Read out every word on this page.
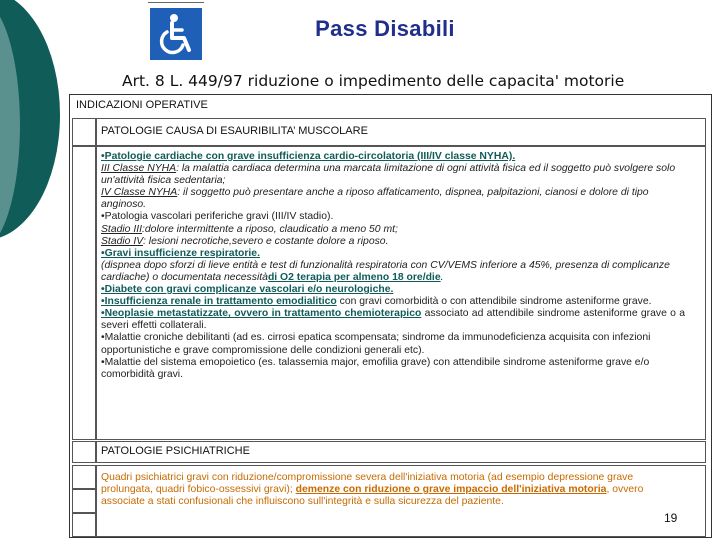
Pass Disabili
Art. 8 L. 449/97 riduzione o impedimento delle capacita' motorie
INDICAZIONI OPERATIVE
PATOLOGIE CAUSA DI ESAURIBILITA’ MUSCOLARE

•Patologie cardiache con grave insufficienza cardio-circolatoria (III/IV classe NYHA).

III Classe NYHA: la malattia cardiaca determina una marcata limitazione di ogni attività fisica ed il soggetto può svolgere solo un'attività fisica sedentaria;

IV Classe NYHA: il soggetto può presentare anche a riposo affaticamento, dispnea, palpitazioni, cianosi e dolore di tipo anginoso.

•Patologia vascolari periferiche gravi (III/IV stadio).

Stadio III:dolore intermittente a riposo, claudicatio a meno 50 mt;

Stadio IV: lesioni necrotiche,severo e costante dolore a riposo.

•Gravi insufficienze respiratorie.

(dispnea dopo sforzi di lieve entità e test di funzionalità respiratoria con CV/VEMS inferiore a 45%, presenza di complicanze cardiache) o documentata necessitàdi O2 terapia per almeno 18 ore/die.

•Diabete con gravi complicanze vascolari e/o neurologiche.

•Insufficienza renale in trattamento emodialitico con gravi comorbidità o con attendibile sindrome asteniforme grave.

•Neoplasie metastatizzate, ovvero in trattamento chemioterapico associato ad attendibile sindrome asteniforme grave o a severi effetti collaterali.

•Malattie croniche debilitanti (ad es. cirrosi epatica scompensata; sindrome da immunodeficienza acquisita con infezioni opportunistiche e grave compromissione delle condizioni generali etc).

•Malattie del sistema emopoietico (es. talassemia major, emofilia grave) con attendibile sindrome asteniforme grave e/o comorbidità gravi.

PATOLOGIE PSICHIATRICHE
Quadri psichiatrici gravi con riduzione/compromissione severa dell'iniziativa motoria (ad esempio depressione grave prolungata, quadri fobico-ossessivi gravi); demenze con riduzione o grave impaccio dell'iniziativa motoria, ovvero associate a stati confusionali che influiscono sull'integrità e sulla sicurezza del paziente.
19
